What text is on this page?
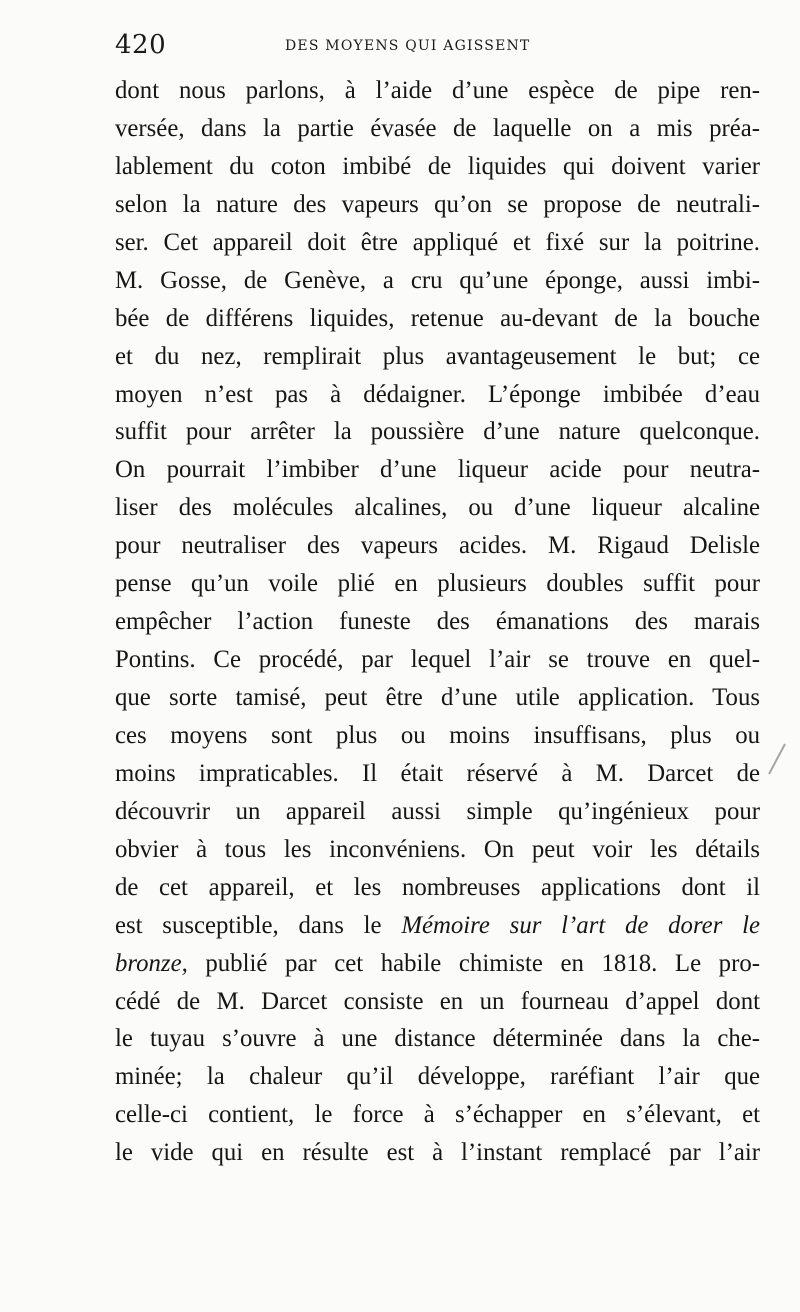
420	DES MOYENS QUI AGISSENT
dont nous parlons, à l’aide d’une espèce de pipe ren-
versée, dans la partie évasée de laquelle on a mis préa-
lablement du coton imbibé de liquides qui doivent varier
selon la nature des vapeurs qu’on se propose de neutrali-
ser. Cet appareil doit être appliqué et fixé sur la poitrine.
M. Gosse, de Genève, a cru qu’une éponge, aussi imbi-
bée de différens liquides, retenue au-devant de la bouche
et du nez, remplirait plus avantageusement le but; ce
moyen n’est pas à dédaigner. L’éponge imbibée d’eau
suffit pour arrêter la poussière d’une nature quelconque.
On pourrait l’imbiber d’une liqueur acide pour neutra-
liser des molécules alcalines, ou d’une liqueur alcaline
pour neutraliser des vapeurs acides. M. Rigaud Delisle
pense qu’un voile plié en plusieurs doubles suffit pour
empêcher l’action funeste des émanations des marais
Pontins. Ce procédé, par lequel l’air se trouve en quel-
que sorte tamisé, peut être d’une utile application. Tous
ces moyens sont plus ou moins insuffisans, plus ou
moins impraticables. Il était réservé à M. Darcet de
découvrir un appareil aussi simple qu’ingénieux pour
obvier à tous les inconvéniens. On peut voir les détails
de cet appareil, et les nombreuses applications dont il
est susceptible, dans le Mémoire sur l’art de dorer le
bronze, publié par cet habile chimiste en 1818. Le pro-
cédé de M. Darcet consiste en un fourneau d’appel dont
le tuyau s’ouvre à une distance déterminée dans la che-
minée; la chaleur qu’il développe, raréfiant l’air que
celle-ci contient, le force à s’échapper en s’élevant, et
le vide qui en résulte est à l’instant remplacé par l’air
